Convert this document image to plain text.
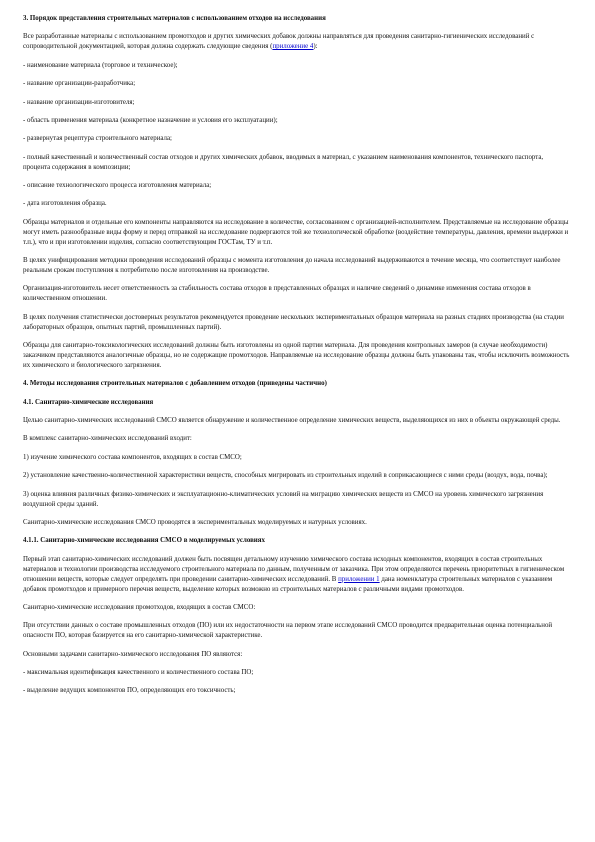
3. Порядок представления строительных материалов с использованием отходов на исследования

Все разработанные материалы с использованием промотходов и других химических добавок должны направляться для проведения санитарно-гигиенических исследований с сопроводительной документацией, которая должна содержать следующие сведения (приложение 4):

- наименование материала (торговое и техническое);

- название организации-разработчика;

- название организации-изготовителя;

- область применения материала (конкретное назначение и условия его эксплуатации);

- развернутая рецептура строительного материала;

- полный качественный и количественный состав отходов и других химических добавок, вводимых в материал, с указанием наименования компонентов, технического паспорта, процента содержания в композиции;

- описание технологического процесса изготовления материала;

- дата изготовления образца.

Образцы материалов и отдельные его компоненты направляются на исследование в количестве, согласованном с организацией-исполнителем. Представляемые на исследование образцы могут иметь разнообразные виды форму и перед отправкой на исследование подвергаются той же технологической обработке (воздействие температуры, давления, времени выдержки и т.п.), что и при изготовлении изделия, согласно соответствующим ГОСТам, ТУ и т.п.

В целях унифицирования методики проведения исследований образцы с момента изготовления до начала исследований выдерживаются в течение месяца, что соответствует наиболее реальным срокам поступления к потребителю после изготовления на производстве.

Организация-изготовитель несет ответственность за стабильность состава отходов в представленных образцах и наличие сведений о динамике изменения состава отходов в количественном отношении.

В целях получения статистически достоверных результатов рекомендуется проведение нескольких экспериментальных образцов материала на разных стадиях производства (на стадии лабораторных образцов, опытных партий, промышленных партий).

Образцы для санитарно-токсикологических исследований должны быть изготовлены из одной партии материала. Для проведения контрольных замеров (в случае необходимости) заказчиком представляются аналогичные образцы, но не содержащие промотходов. Направляемые на исследование образцы должны быть упакованы так, чтобы исключить возможность их химического и биологического загрязнения.

4. Методы исследования строительных материалов с добавлением отходов (приведены частично)

4.1. Санитарно-химические исследования

Целью санитарно-химических исследований СМСО является обнаружение и количественное определение химических веществ, выделяющихся из них в объекты окружающей среды.

В комплекс санитарно-химических исследований входит:

1) изучение химического состава компонентов, входящих в состав СМСО;

2) установление качественно-количественной характеристики веществ, способных мигрировать из строительных изделий в соприкасающиеся с ними среды (воздух, вода, почва);

3) оценка влияния различных физико-химических и эксплуатационно-климатических условий на миграцию химических веществ из СМСО на уровень химического загрязнения воздушной среды зданий.

Санитарно-химические исследования СМСО проводятся в экспериментальных моделируемых и натурных условиях.

4.1.1. Санитарно-химические исследования СМСО в моделируемых условиях

Первый этап санитарно-химических исследований должен быть посвящен детальному изучению химического состава исходных компонентов, входящих в состав строительных материалов и технологии производства исследуемого строительного материала по данным, полученным от заказчика. При этом определяются перечень приоритетных в гигиеническом отношении веществ, которые следует определять при проведении санитарно-химических исследований. В приложении 1 дана номенклатура строительных материалов с указанием добавок промотходов и примерного перечня веществ, выделение которых возможно из строительных материалов с различными видами промотходов.

Санитарно-химические исследования промотходов, входящих в состав СМСО:

При отсутствии данных о составе промышленных отходов (ПО) или их недостаточности на первом этапе исследований СМСО проводится предварительная оценка потенциальной опасности ПО, которая базируется на его санитарно-химической характеристике.

Основными задачами санитарно-химического исследования ПО являются:

- максимальная идентификация качественного и количественного состава ПО;

- выделение ведущих компонентов ПО, определяющих его токсичность;
